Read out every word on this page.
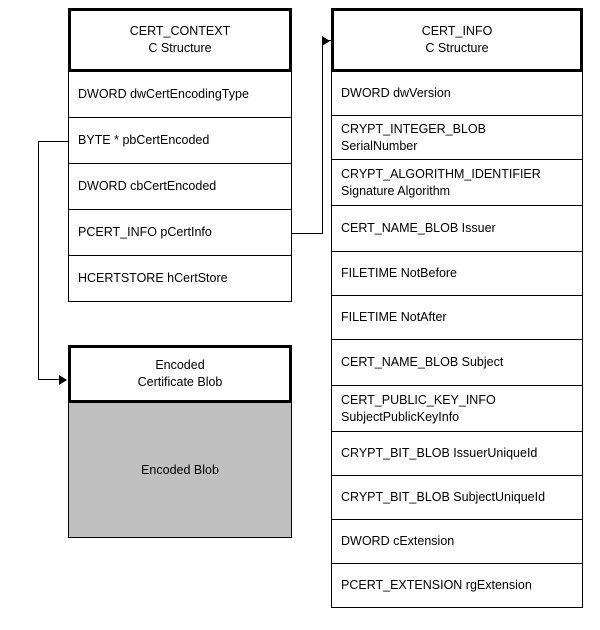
CERT_CONTEXT
C Structure
DWORD dwCertEncodingType
BYTE * pbCertEncoded
DWORD cbCertEncoded
PCERT_INFO pCertInfo
HCERTSTORE hCertStore
Encoded
Certificate Blob
Encoded Blob
CERT_INFO
C Structure
DWORD dwVersion
CRYPT_INTEGER_BLOB
SerialNumber
CRYPT_ALGORITHM_IDENTIFIER
Signature Algorithm
CERT_NAME_BLOB Issuer
FILETIME NotBefore
FILETIME NotAfter
CERT_NAME_BLOB Subject
CERT_PUBLIC_KEY_INFO
SubjectPublicKeyInfo
CRYPT_BIT_BLOB IssuerUniqueId
CRYPT_BIT_BLOB SubjectUniqueId
DWORD cExtension
PCERT_EXTENSION rgExtension
